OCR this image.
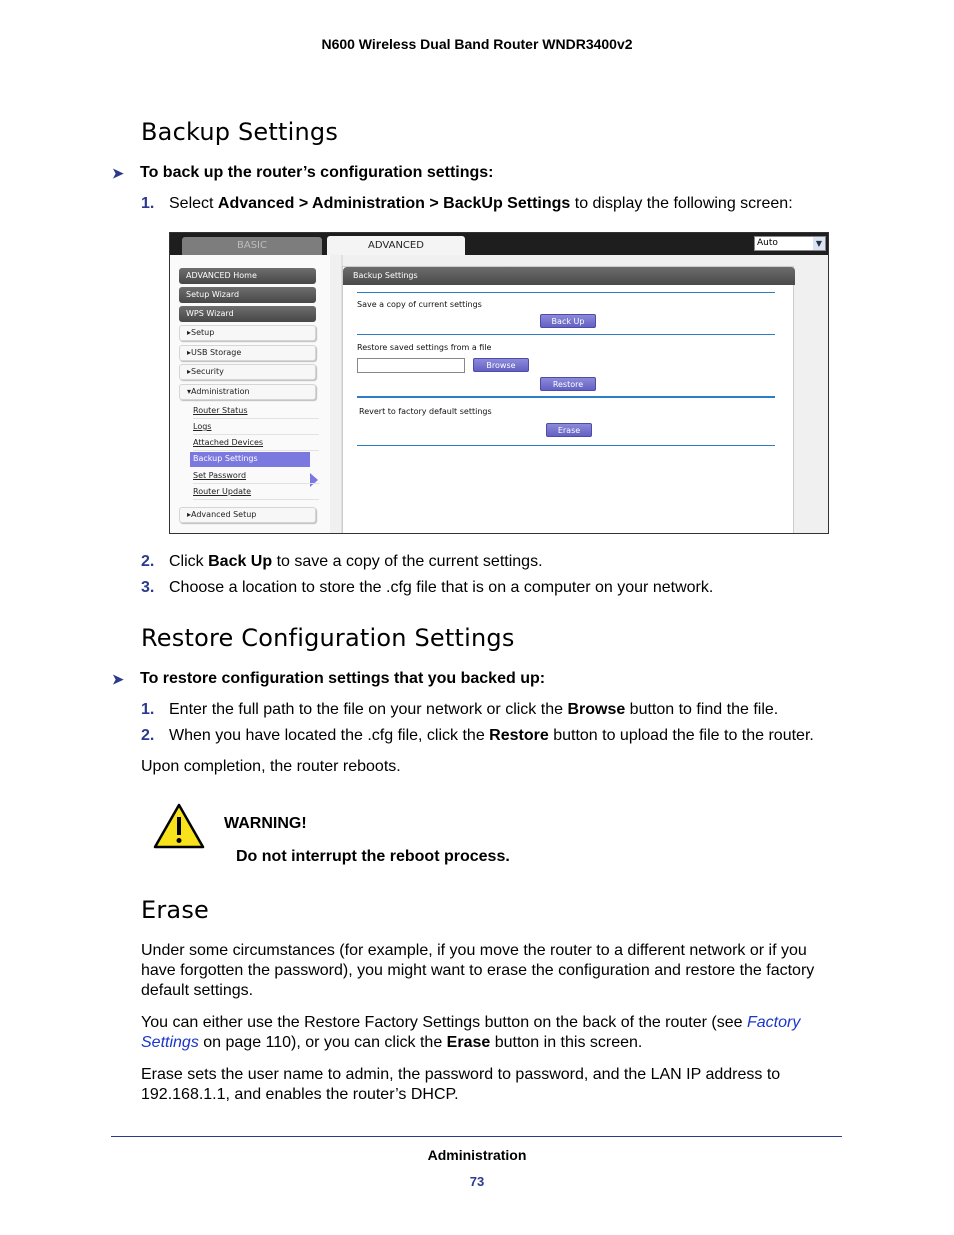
N600 Wireless Dual Band Router WNDR3400v2
Backup Settings
➤	To back up the router’s configuration settings:
1. Select Advanced > Administration > BackUp Settings to display the following screen:
BASIC	ADVANCED	Auto	▼
ADVANCED Home
Setup Wizard
WPS Wizard
▸Setup
▸USB Storage
▸Security
▾Administration
Router Status
Logs
Attached Devices
Backup Settings
Set Password
Router Update
▸Advanced Setup
Backup Settings
Save a copy of current settings
Back Up
Restore saved settings from a file
Browse
Restore
Revert to factory default settings
Erase
2. Click Back Up to save a copy of the current settings.
3. Choose a location to store the .cfg file that is on a computer on your network.
Restore Configuration Settings
➤	To restore configuration settings that you backed up:
1. Enter the full path to the file on your network or click the Browse button to find the file.
2. When you have located the .cfg file, click the Restore button to upload the file to the router.
Upon completion, the router reboots.
WARNING!
Do not interrupt the reboot process.
Erase
Under some circumstances (for example, if you move the router to a different network or if you have forgotten the password), you might want to erase the configuration and restore the factory default settings.
You can either use the Restore Factory Settings button on the back of the router (see Factory Settings on page 110), or you can click the Erase button in this screen.
Erase sets the user name to admin, the password to password, and the LAN IP address to 192.168.1.1, and enables the router’s DHCP.
Administration
73
